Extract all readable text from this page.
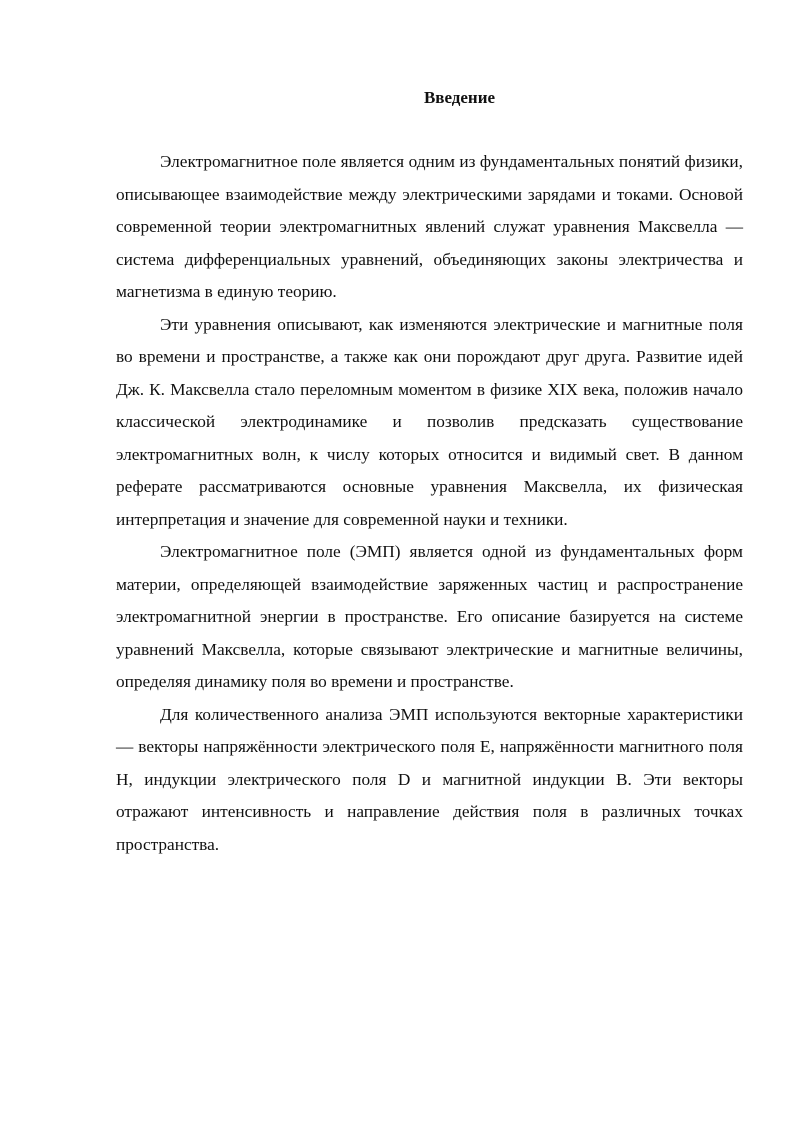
Введение

Электромагнитное поле является одним из фундаментальных понятий физики, описывающее взаимодействие между электрическими зарядами и токами. Основой современной теории электромагнитных явлений служат уравнения Максвелла — система дифференциальных уравнений, объединяющих законы электричества и магнетизма в единую теорию.

Эти уравнения описывают, как изменяются электрические и магнитные поля во времени и пространстве, а также как они порождают друг друга. Развитие идей Дж. К. Максвелла стало переломным моментом в физике XIX века, положив начало классической электродинамике и позволив предсказать существование электромагнитных волн, к числу которых относится и видимый свет. В данном реферате рассматриваются основные уравнения Максвелла, их физическая интерпретация и значение для современной науки и техники.

Электромагнитное поле (ЭМП) является одной из фундаментальных форм материи, определяющей взаимодействие заряженных частиц и распространение электромагнитной энергии в пространстве. Его описание базируется на системе уравнений Максвелла, которые связывают электрические и магнитные величины, определяя динамику поля во времени и пространстве.

Для количественного анализа ЭМП используются векторные характеристики — векторы напряжённости электрического поля E, напряжённости магнитного поля H, индукции электрического поля D и магнитной индукции B. Эти векторы отражают интенсивность и направление действия поля в различных точках пространства.
